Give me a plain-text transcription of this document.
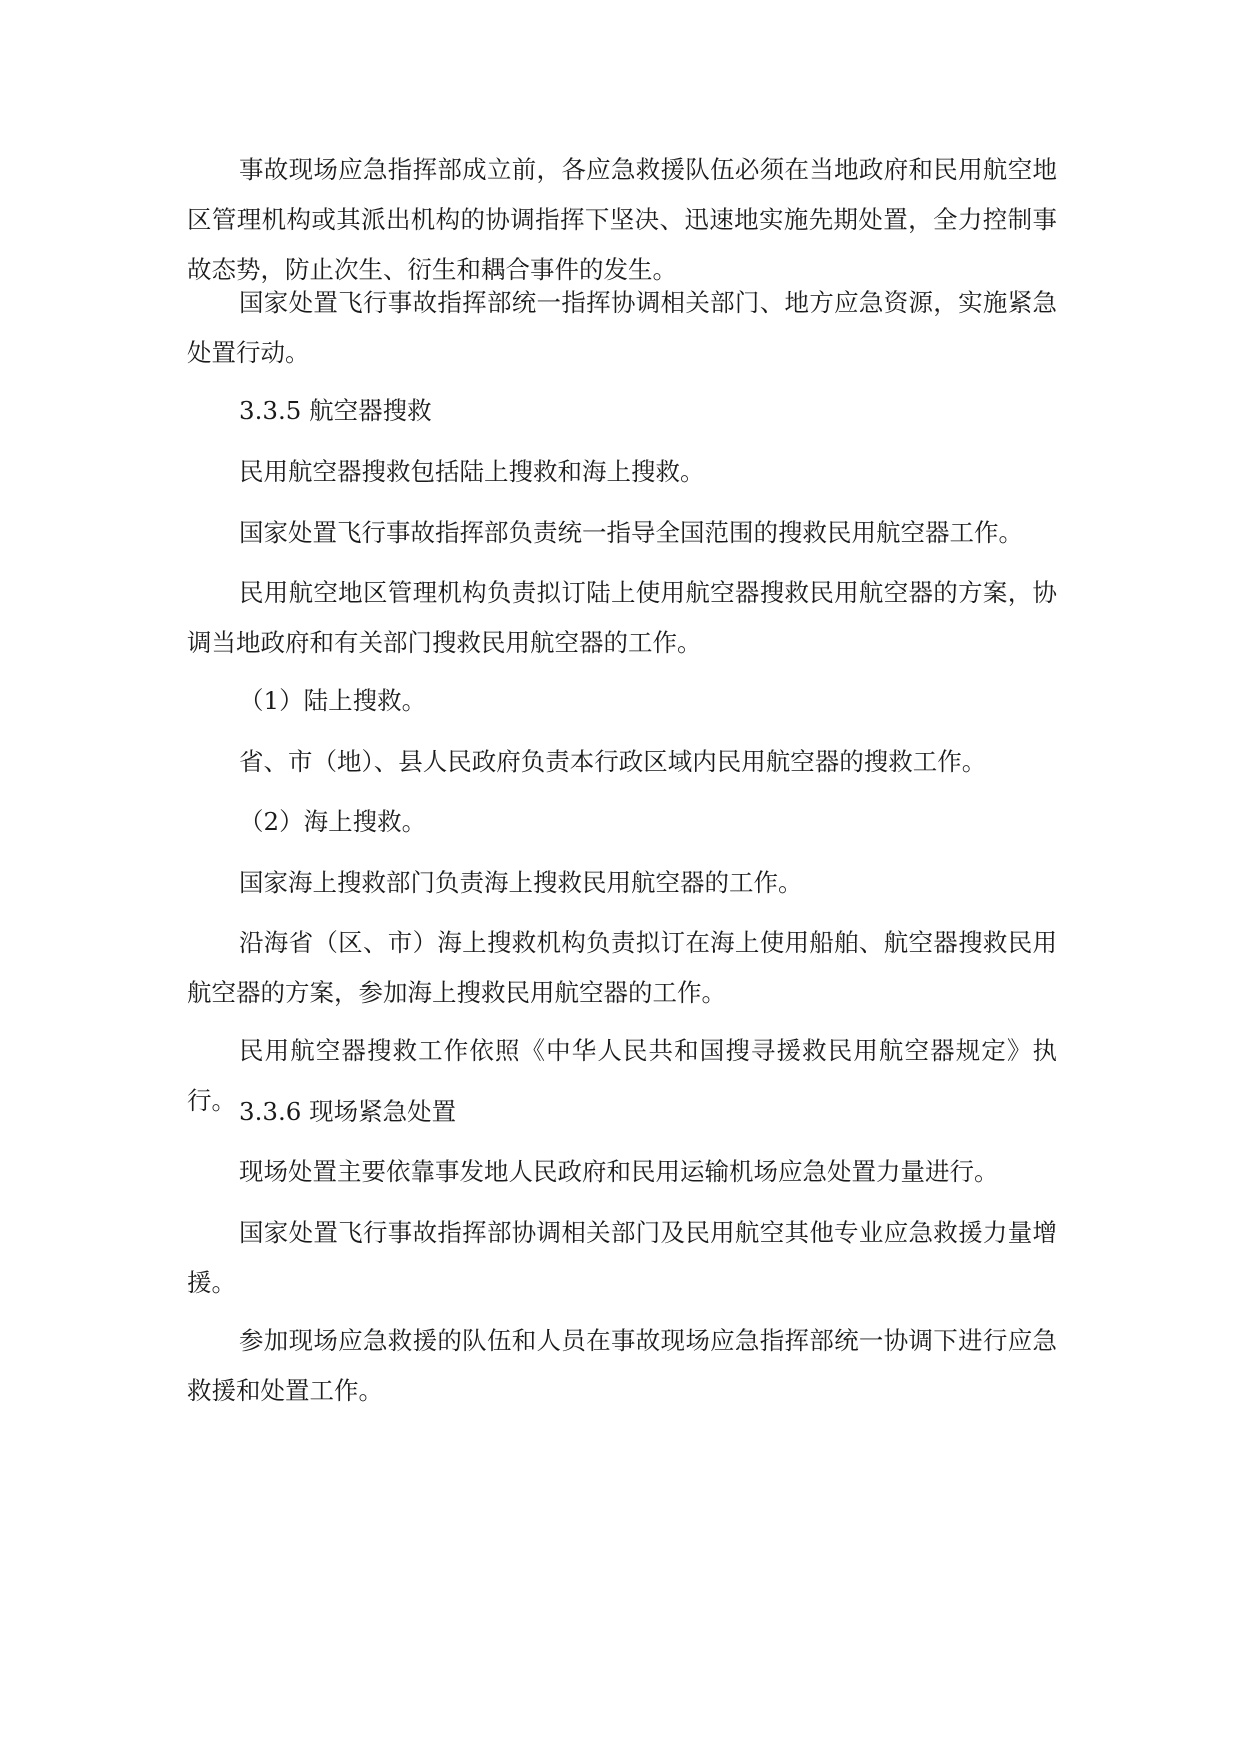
事故现场应急指挥部成立前，各应急救援队伍必须在当地政府和民用航空地区管理机构或其派出机构的协调指挥下坚决、迅速地实施先期处置，全力控制事故态势，防止次生、衍生和耦合事件的发生。

国家处置飞行事故指挥部统一指挥协调相关部门、地方应急资源，实施紧急处置行动。

3.3.5 航空器搜救

民用航空器搜救包括陆上搜救和海上搜救。

国家处置飞行事故指挥部负责统一指导全国范围的搜救民用航空器工作。

民用航空地区管理机构负责拟订陆上使用航空器搜救民用航空器的方案，协调当地政府和有关部门搜救民用航空器的工作。

（1）陆上搜救。

省、市（地）、县人民政府负责本行政区域内民用航空器的搜救工作。

（2）海上搜救。

国家海上搜救部门负责海上搜救民用航空器的工作。

沿海省（区、市）海上搜救机构负责拟订在海上使用船舶、航空器搜救民用航空器的方案，参加海上搜救民用航空器的工作。

民用航空器搜救工作依照《中华人民共和国搜寻援救民用航空器规定》执行。 3.3.6 现场紧急处置

现场处置主要依靠事发地人民政府和民用运输机场应急处置力量进行。

国家处置飞行事故指挥部协调相关部门及民用航空其他专业应急救援力量增援。

参加现场应急救援的队伍和人员在事故现场应急指挥部统一协调下进行应急救援和处置工作。
